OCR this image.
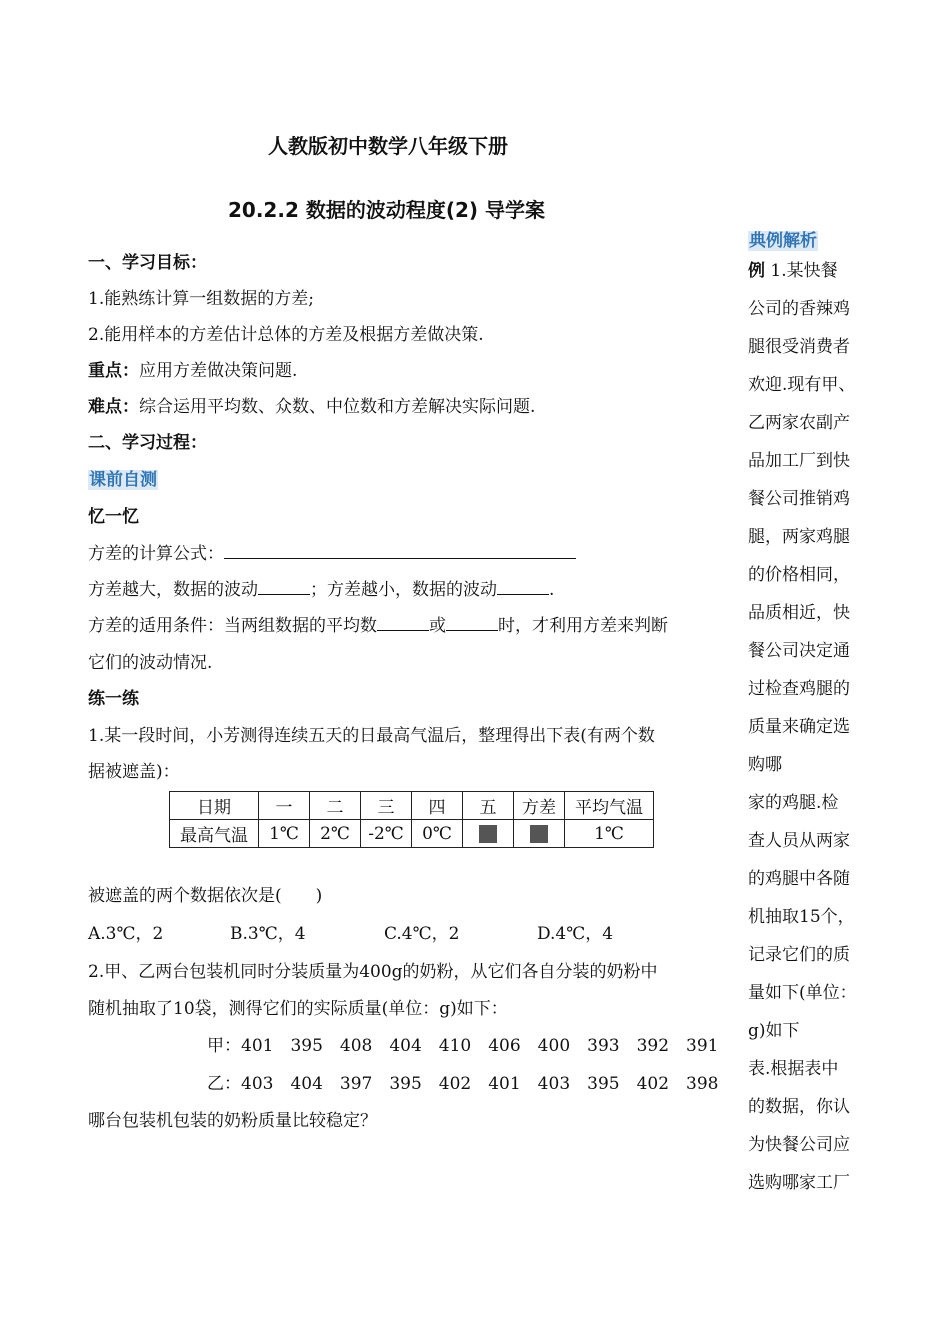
人教版初中数学八年级下册
20.2.2 数据的波动程度(2) 导学案
一、学习目标：
1.能熟练计算一组数据的方差;
2.能用样本的方差估计总体的方差及根据方差做决策.
重点：应用方差做决策问题.
难点：综合运用平均数、众数、中位数和方差解决实际问题.
二、学习过程：
课前自测
忆一忆
方差的计算公式：
方差越大，数据的波动	；方差越小，数据的波动	.
方差的适用条件：当两组数据的平均数	或	时，才利用方差来判断
它们的波动情况.
练一练
1.某一段时间，小芳测得连续五天的日最高气温后，整理得出下表(有两个数
据被遮盖)：
日期	一	二	三	四	五	方差	平均气温
最高气温	1℃	2℃	-2℃	0℃			1℃
被遮盖的两个数据依次是(　　)
A.3℃，2	B.3℃，4	C.4℃，2	D.4℃，4
2.甲、乙两台包装机同时分装质量为400g的奶粉，从它们各自分装的奶粉中
随机抽取了10袋，测得它们的实际质量(单位：g)如下：
甲：401　395　408　404　410　406　400　393　392　391
乙：403　404　397　395　402　401　403　395　402　398
哪台包装机包装的奶粉质量比较稳定？
典例解析
例 1.某快餐
公司的香辣鸡
腿很受消费者
欢迎.现有甲、
乙两家农副产
品加工厂到快
餐公司推销鸡
腿，两家鸡腿
的价格相同，
品质相近，快
餐公司决定通
过检查鸡腿的
质量来确定选
购哪
家的鸡腿.检
查人员从两家
的鸡腿中各随
机抽取15个，
记录它们的质
量如下(单位：
g)如下
表.根据表中
的数据，你认
为快餐公司应
选购哪家工厂
